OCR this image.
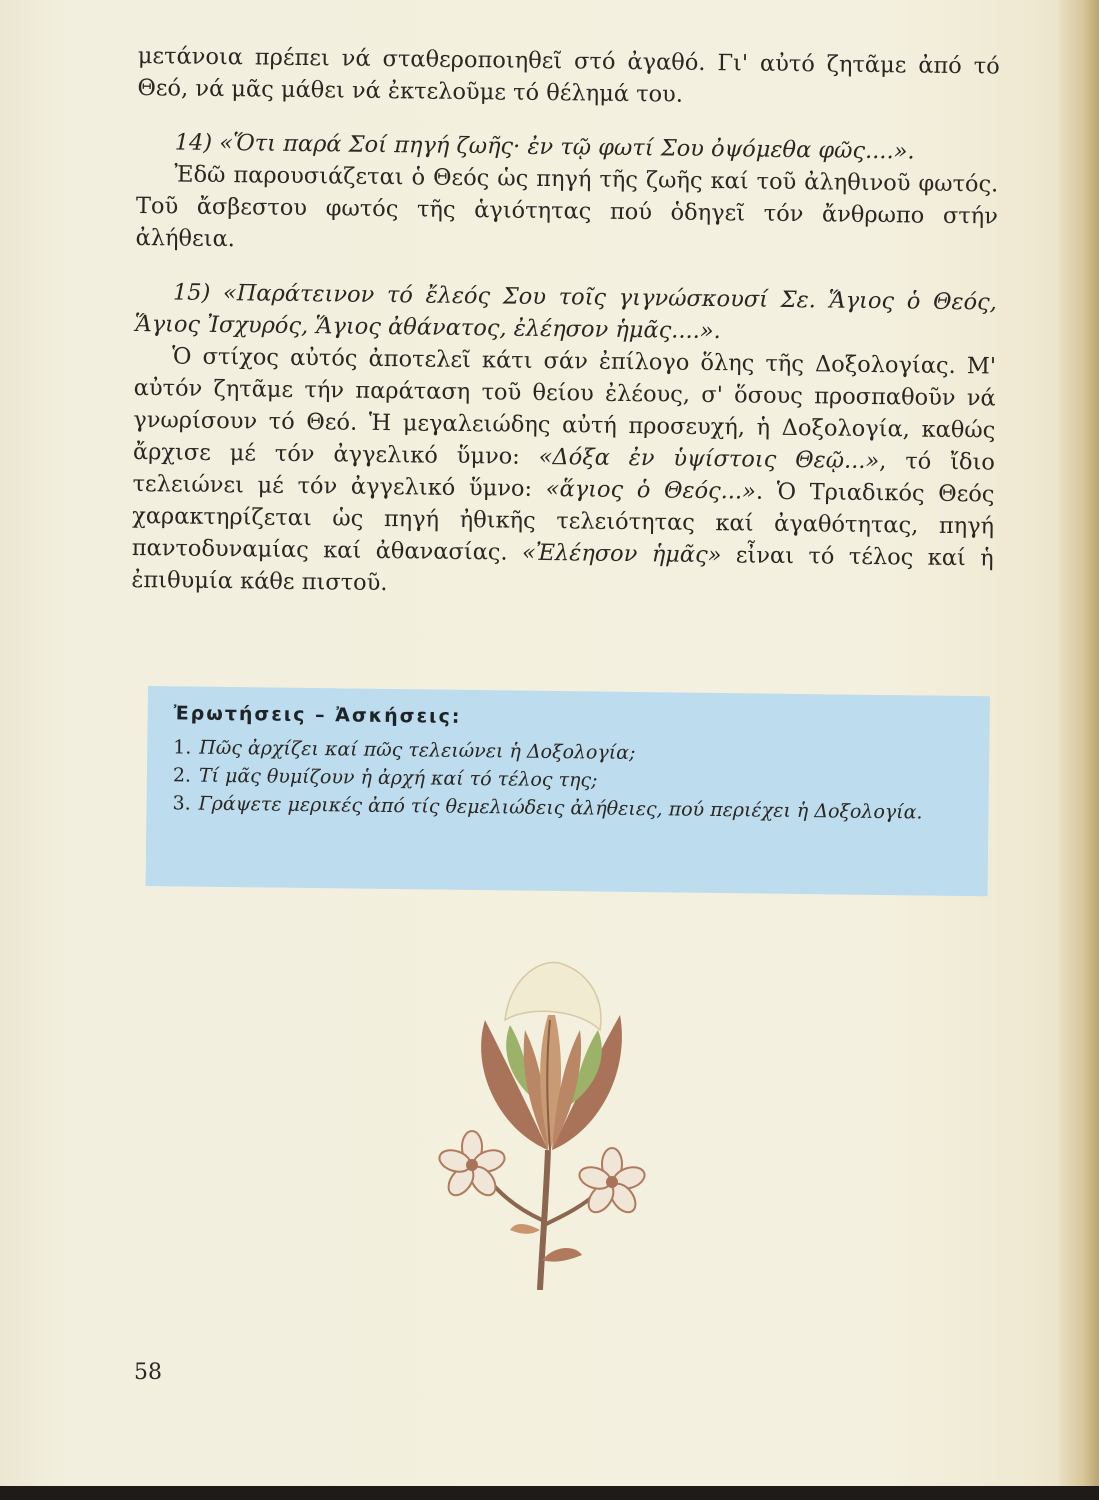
μετάνοια πρέπει νά σταθεροποιηθεῖ στό ἀγαθό. Γι' αὐτό ζητᾶμε ἀπό τό Θεό, νά μᾶς μάθει νά ἐκτελοῦμε τό θέλημά του.

14) «Ὅτι παρά Σοί πηγή ζωῆς· ἐν τῷ φωτί Σου ὀψόμεθα φῶς....».

Ἐδῶ παρουσιάζεται ὁ Θεός ὡς πηγή τῆς ζωῆς καί τοῦ ἀληθινοῦ φωτός. Τοῦ ἄσβεστου φωτός τῆς ἁγιότητας πού ὁδηγεῖ τόν ἄνθρωπο στήν ἀλήθεια.

15) «Παράτεινον τό ἔλεός Σου τοῖς γιγνώσκουσί Σε. Ἅγιος ὁ Θεός, Ἅγιος Ἰσχυρός, Ἅγιος ἀθάνατος, ἐλέησον ἡμᾶς....».

Ὁ στίχος αὐτός ἀποτελεῖ κάτι σάν ἐπίλογο ὅλης τῆς Δοξολογίας. Μ' αὐτόν ζητᾶμε τήν παράταση τοῦ θείου ἐλέους, σ' ὅσους προσπαθοῦν νά γνωρίσουν τό Θεό. Ἡ μεγαλειώδης αὐτή προσευχή, ἡ Δοξολογία, καθώς ἄρχισε μέ τόν ἀγγελικό ὕμνο: «Δόξα ἐν ὑψίστοις Θεῷ...», τό ἴδιο τελειώνει μέ τόν ἀγγελικό ὕμνο: «ἅγιος ὁ Θεός...». Ὁ Τριαδικός Θεός χαρακτηρίζεται ὡς πηγή ἠθικῆς τελειότητας καί ἀγαθότητας, πηγή παντοδυναμίας καί ἀθανασίας. «Ἐλέησον ἡμᾶς» εἶναι τό τέλος καί ἡ ἐπιθυμία κάθε πιστοῦ.

Ἐρωτήσεις – Ἀσκήσεις:

1. Πῶς ἀρχίζει καί πῶς τελειώνει ἡ Δοξολογία;
2. Τί μᾶς θυμίζουν ἡ ἀρχή καί τό τέλος της;
3. Γράψετε μερικές ἀπό τίς θεμελιώδεις ἀλήθειες, πού περιέχει ἡ Δοξολογία.
58
